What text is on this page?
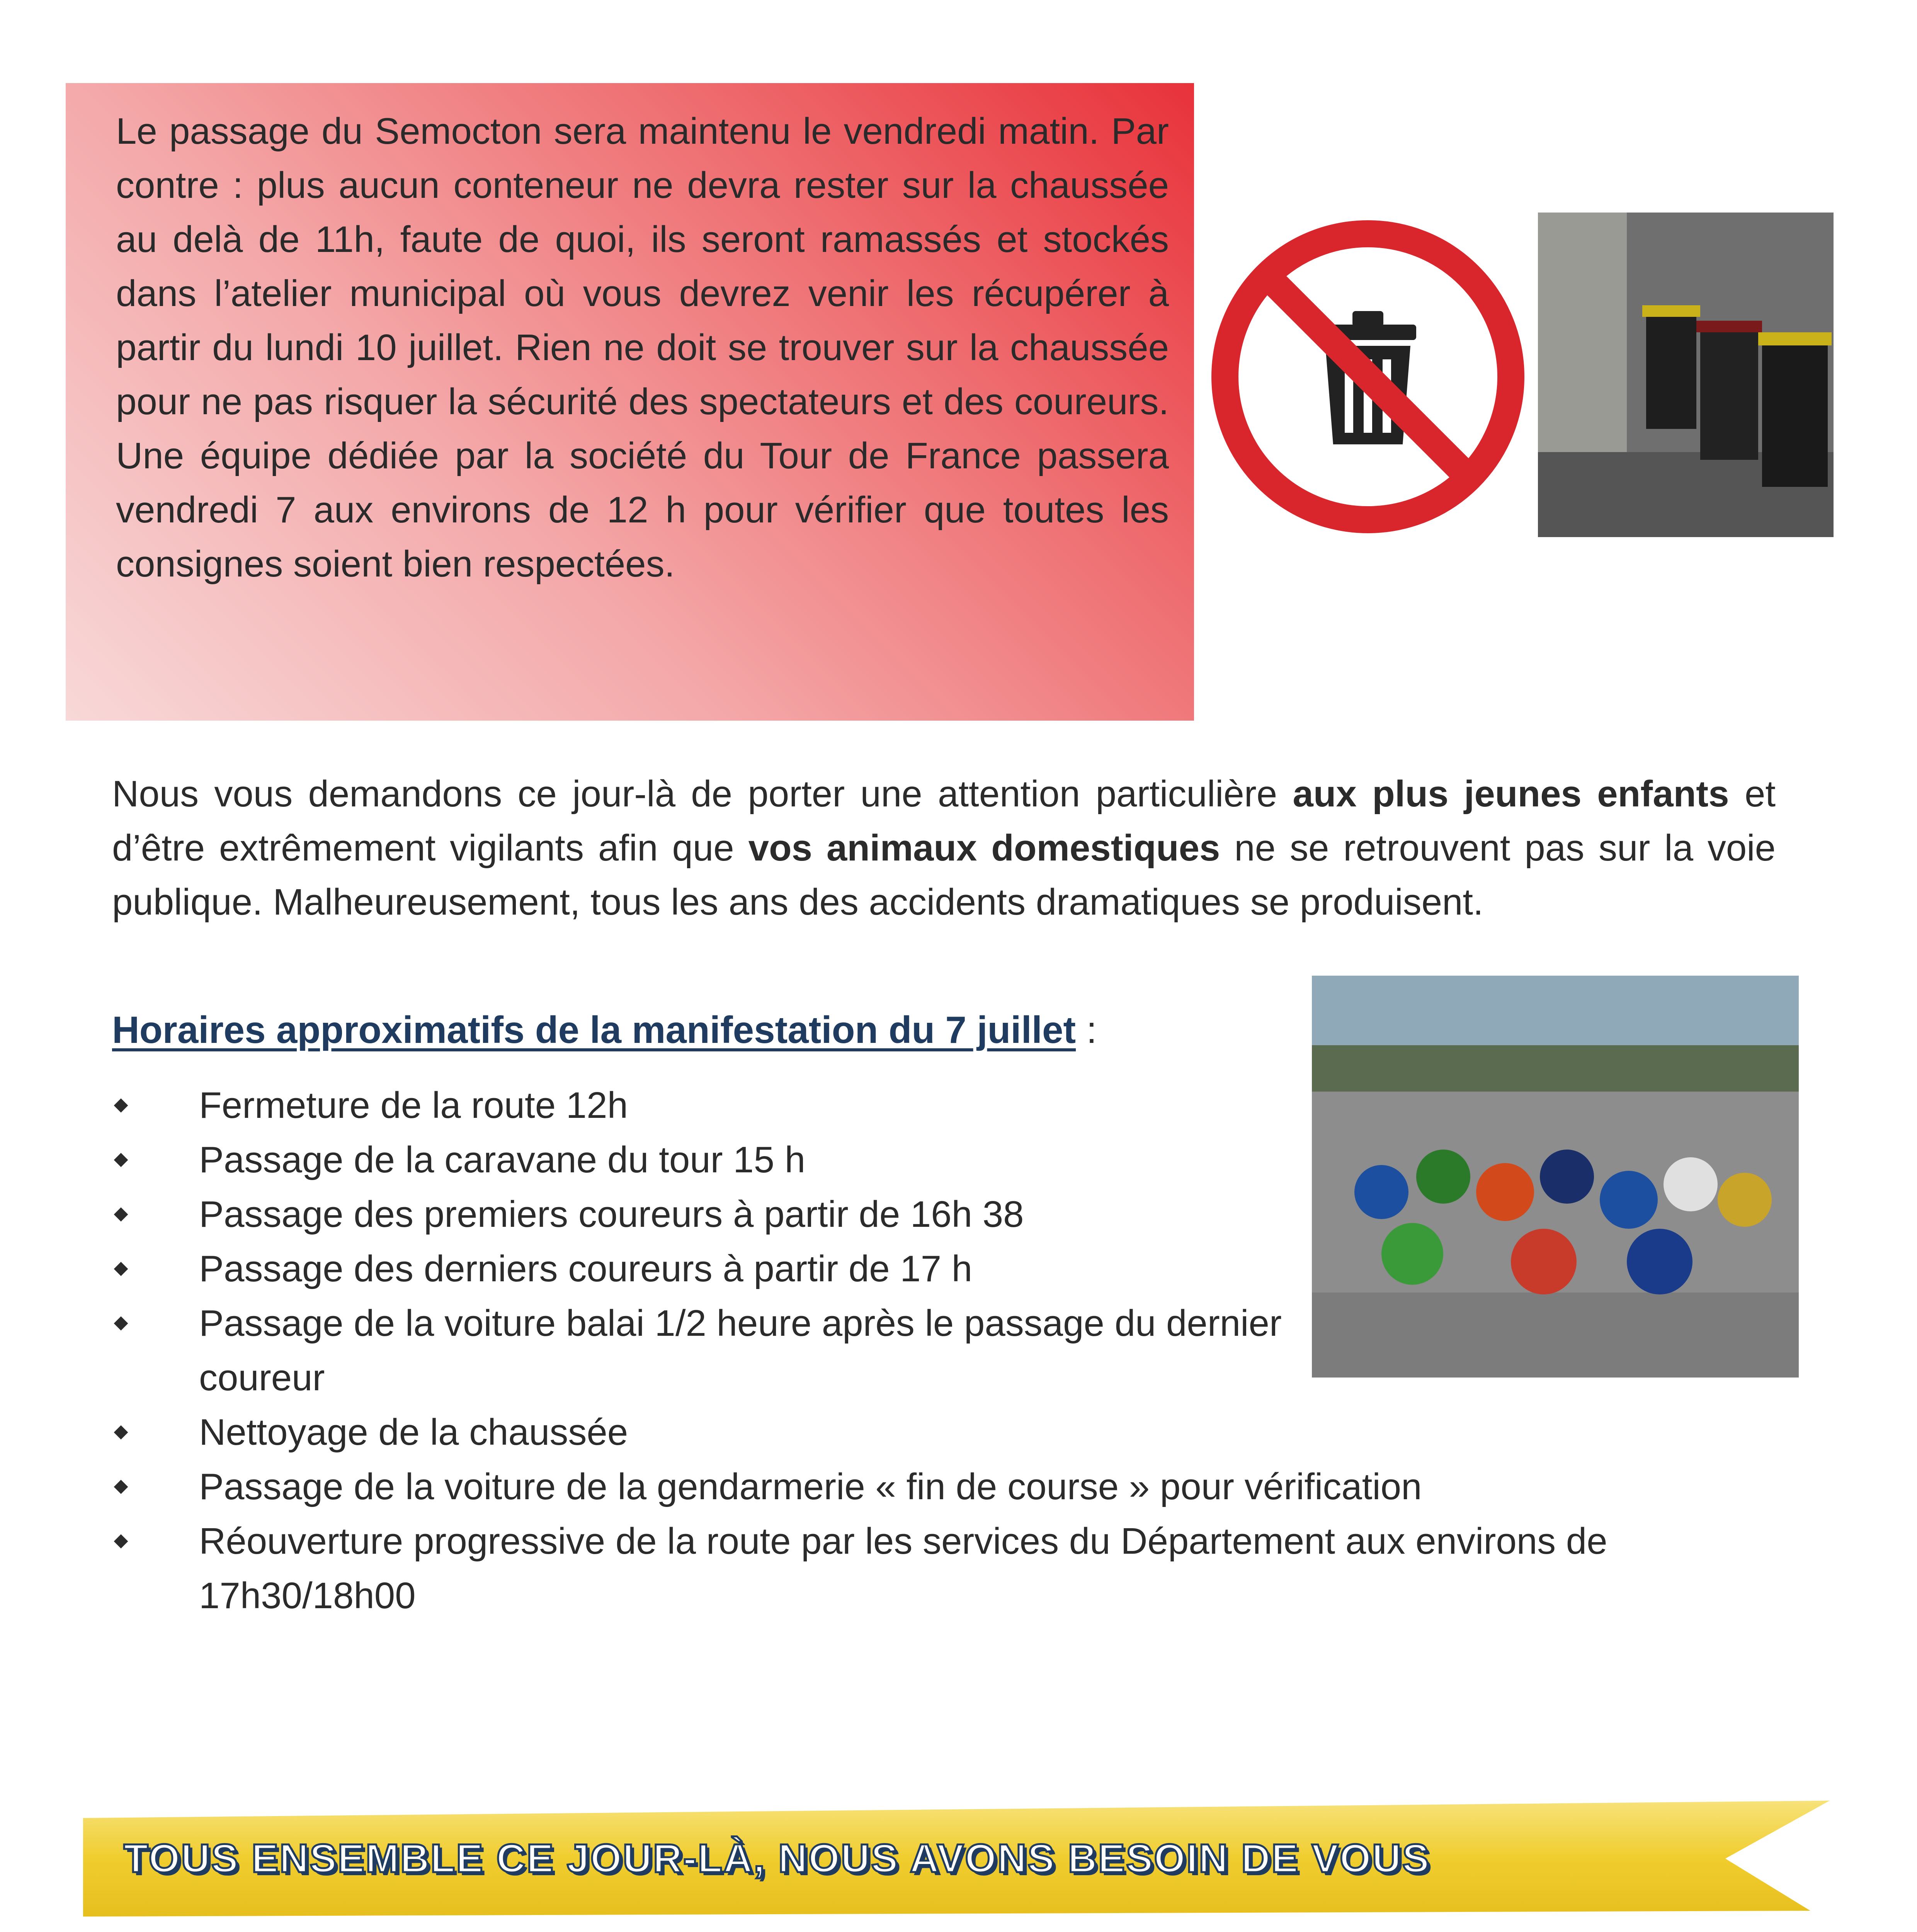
Le passage du Semocton sera maintenu le vendredi matin. Par contre : plus aucun conteneur ne devra rester sur la chaussée au delà de 11h, faute de quoi, ils seront ramassés et stockés dans l’atelier municipal où vous devrez venir les récupérer à partir du lundi 10 juillet. Rien ne doit se trouver sur la chaussée pour ne pas risquer la sécurité des spectateurs et des coureurs. Une équipe dédiée par la société du Tour de France passera vendredi 7 aux environs de 12 h pour vérifier que toutes les consignes soient bien respectées.
Nous vous demandons ce jour-là de porter une attention particulière aux plus jeunes enfants et d’être extrêmement vigilants afin que vos animaux domestiques ne se retrouvent pas sur la voie publique. Malheureusement, tous les ans des accidents dramatiques se produisent.
Horaires approximatifs de la manifestation du 7 juillet :
Fermeture de la route 12h
Passage de la caravane du tour 15 h
Passage des premiers coureurs à partir de 16h 38
Passage des derniers coureurs à partir de 17 h
Passage de la voiture balai 1/2 heure après le passage du dernier coureur
Nettoyage de la chaussée
Passage de la voiture de la gendarmerie « fin de course » pour vérification
Réouverture progressive de la route par les services du Département aux environs de 17h30/18h00
TOUS ENSEMBLE CE JOUR-LÀ, NOUS AVONS BESOIN DE VOUS
